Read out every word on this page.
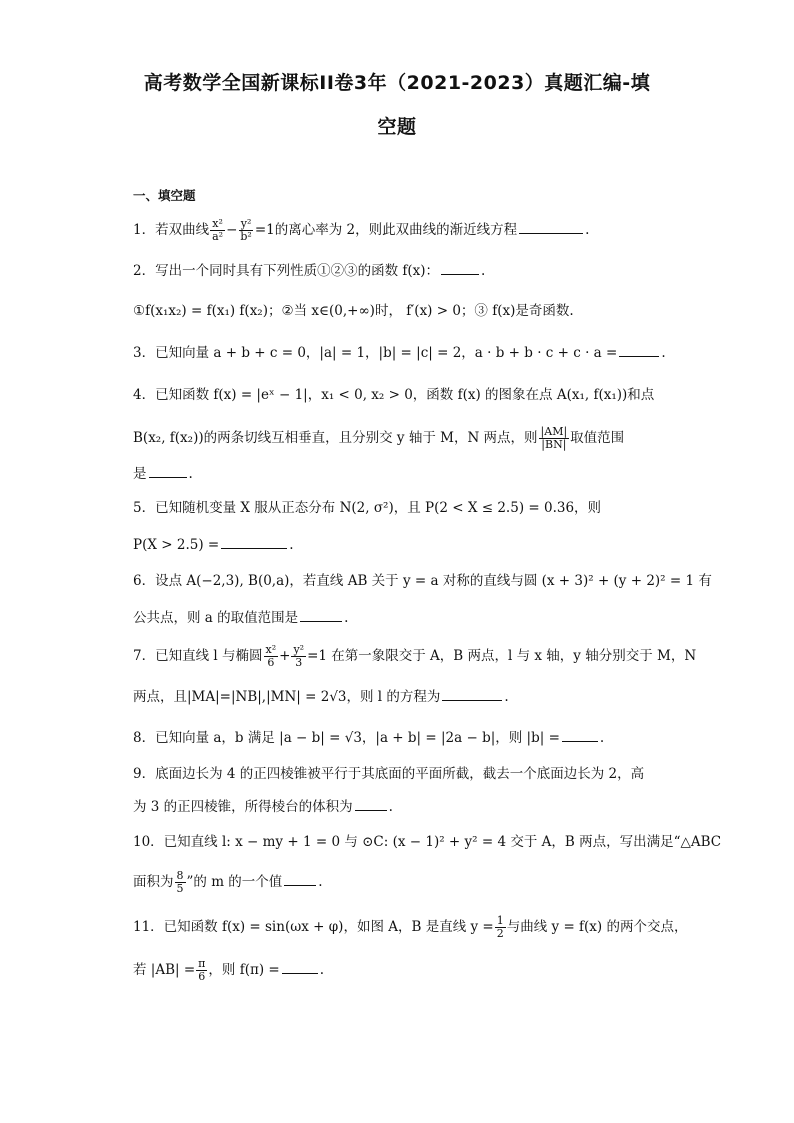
高考数学全国新课标II卷3年（2021-2023）真题汇编-填
空题
一、填空题
1．若双曲线 $\frac{\text{x²}}{\text{a²}} - \frac{\text{y²}}{\text{b²}} =1$的离心率为 2，则此双曲线的渐近线方程	.
2．写出一个同时具有下列性质①②③的函数 f(x)：	.
①f(x₁x₂) = f(x₁) f(x₂)；②当 x∈(0,+∞)时， f′(x) > 0；③ f(x)是奇函数.
3．已知向量 a + b + c = 0，|a| = 1，|b| = |c| = 2，a · b + b · c + c · a =	.
4．已知函数 f(x) = |eˣ − 1|，x₁ < 0, x₂ > 0，函数 f(x) 的图象在点 A(x₁, f(x₁))和点
B(x₂, f(x₂))的两条切线互相垂直，且分别交 y 轴于 M，N 两点，则 $\frac{|AM|}{|BN|}$ 取值范围
是	.
5．已知随机变量 X 服从正态分布 N(2, σ²)，且 P(2 < X ≤ 2.5) = 0.36，则
P(X > 2.5) =	.
6．设点 A(−2,3), B(0,a)，若直线 AB 关于 y = a 对称的直线与圆 (x + 3)² + (y + 2)² = 1 有
公共点，则 a 的取值范围是	.
7．已知直线 l 与椭圆 $\frac{\text{x²}}{6} + \frac{\text{y²}}{3} =1$ 在第一象限交于 A，B 两点，l 与 x 轴，y 轴分别交于 M，N
两点，且|MA|=|NB|,|MN| = 2√3，则 l 的方程为	.
8．已知向量 a，b 满足 |a − b| = √3，|a + b| = |2a − b|，则 |b| =	.
9．底面边长为 4 的正四棱锥被平行于其底面的平面所截，截去一个底面边长为 2，高
为 3 的正四棱锥，所得棱台的体积为	.
10．已知直线 l: x − my + 1 = 0 与 ⊙C: (x − 1)² + y² = 4 交于 A，B 两点，写出满足“△ABC
面积为 $\frac{8}{5}$ ”的 m 的一个值	.
11．已知函数 f(x) = sin(ωx + φ)，如图 A，B 是直线 $y = \frac{1}{2}$ 与曲线 y = f(x) 的两个交点，
若 $|AB| = \frac{\pi}{6}$ ，则 f(π) =	.
